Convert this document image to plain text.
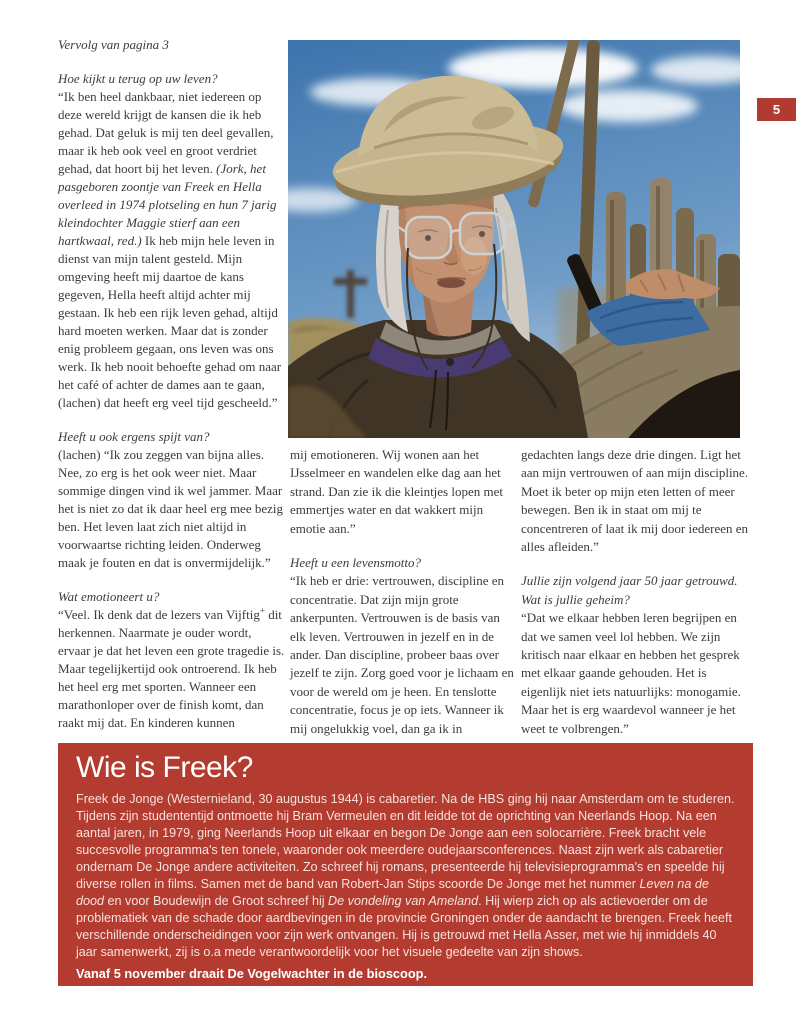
5

Vervolg van pagina 3

Hoe kijkt u terug op uw leven?

“Ik ben heel dankbaar, niet iedereen op deze wereld krijgt de kansen die ik heb gehad. Dat geluk is mij ten deel gevallen, maar ik heb ook veel en groot verdriet gehad, dat hoort bij het leven. (Jork, het pasgeboren zoontje van Freek en Hella overleed in 1974 plotseling en hun 7 jarig kleindochter Maggie stierf aan een hartkwaal, red.) Ik heb mijn hele leven in dienst van mijn talent gesteld. Mijn omgeving heeft mij daartoe de kans gegeven, Hella heeft altijd achter mij gestaan. Ik heb een rijk leven gehad, altijd hard moeten werken. Maar dat is zonder enig probleem gegaan, ons leven was ons werk. Ik heb nooit behoefte gehad om naar het café of achter de dames aan te gaan, (lachen) dat heeft erg veel tijd gescheeld.”

Heeft u ook ergens spijt van?

(lachen) “Ik zou zeggen van bijna alles. Nee, zo erg is het ook weer niet. Maar sommige dingen vind ik wel jammer. Maar het is niet zo dat ik daar heel erg mee bezig ben. Het leven laat zich niet altijd in voorwaartse richting leiden. Onderweg maak je fouten en dat is onvermijdelijk.”

Wat emotioneert u?

“Veel. Ik denk dat de lezers van Vijftig+ dit herkennen. Naarmate je ouder wordt, ervaar je dat het leven een grote tragedie is. Maar tegelijkertijd ook ontroerend. Ik heb het heel erg met sporten. Wanneer een marathonloper over de finish komt, dan raakt mij dat. En kinderen kunnen

mij emotioneren. Wij wonen aan het IJsselmeer en wandelen elke dag aan het strand. Dan zie ik die kleintjes lopen met emmertjes water en dat wakkert mijn emotie aan.”

Heeft u een levensmotto?

“Ik heb er drie: vertrouwen, discipline en concentratie. Dat zijn mijn grote ankerpunten. Vertrouwen is de basis van elk leven. Vertrouwen in jezelf en in de ander. Dan discipline, probeer baas over jezelf te zijn. Zorg goed voor je lichaam en voor de wereld om je heen. En tenslotte concentratie, focus je op iets. Wanneer ik mij ongelukkig voel, dan ga ik in

gedachten langs deze drie dingen. Ligt het aan mijn vertrouwen of aan mijn discipline. Moet ik beter op mijn eten letten of meer bewegen. Ben ik in staat om mij te concentreren of laat ik mij door iedereen en alles afleiden.”

Jullie zijn volgend jaar 50 jaar getrouwd. Wat is jullie geheim?

“Dat we elkaar hebben leren begrijpen en dat we samen veel lol hebben. We zijn kritisch naar elkaar en hebben het gesprek met elkaar gaande gehouden. Het is eigenlijk niet iets natuurlijks: monogamie. Maar het is erg waardevol wanneer je het weet te volbrengen.”

Wie is Freek?

Freek de Jonge (Westernieland, 30 augustus 1944) is cabaretier. Na de HBS ging hij naar Amsterdam om te studeren. Tijdens zijn studententijd ontmoette hij Bram Vermeulen en dit leidde tot de oprichting van Neerlands Hoop. Na een aantal jaren, in 1979, ging Neerlands Hoop uit elkaar en begon De Jonge aan een solocarrière. Freek bracht vele succesvolle programma's ten tonele, waaronder ook meerdere oudejaarsconferences. Naast zijn werk als cabaretier ondernam De Jonge andere activiteiten. Zo schreef hij romans, presenteerde hij televisieprogramma's en speelde hij diverse rollen in films. Samen met de band van Robert-Jan Stips scoorde De Jonge met het nummer Leven na de dood en voor Boudewijn de Groot schreef hij De vondeling van Ameland. Hij wierp zich op als actievoerder om de problematiek van de schade door aardbevingen in de provincie Groningen onder de aandacht te brengen. Freek heeft verschillende onderscheidingen voor zijn werk ontvangen. Hij is getrouwd met Hella Asser, met wie hij inmiddels 40 jaar samenwerkt, zij is o.a mede verantwoordelijk voor het visuele gedeelte van zijn shows.

Vanaf 5 november draait De Vogelwachter in de bioscoop.
